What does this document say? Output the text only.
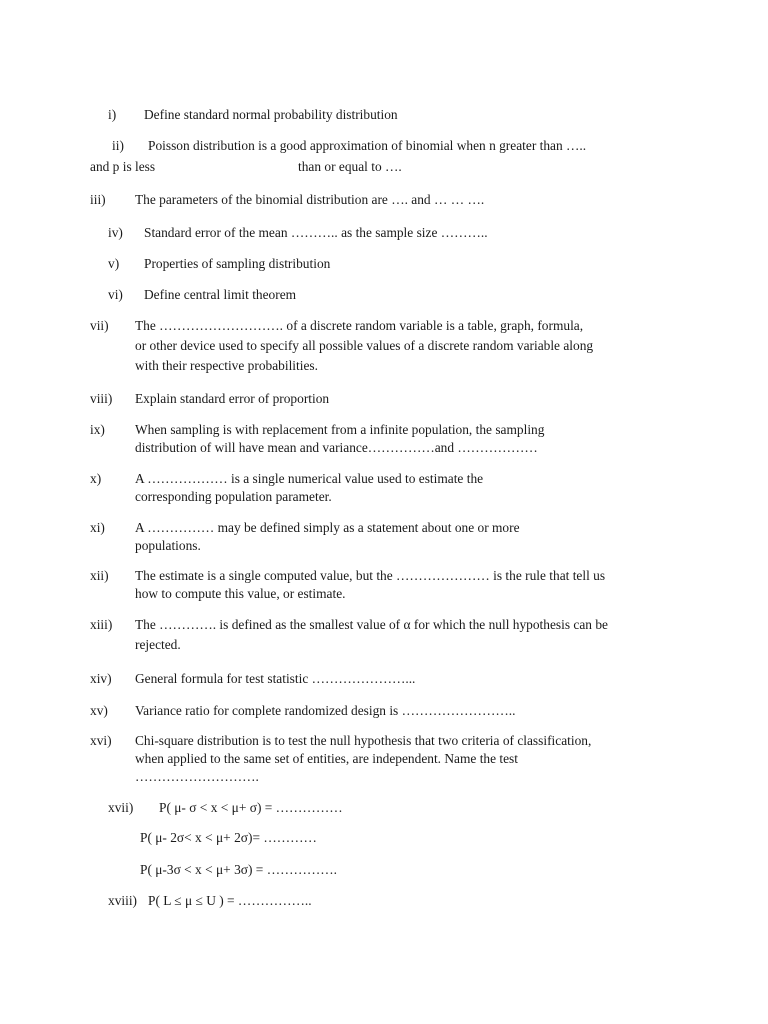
i) Define standard normal probability distribution
ii) Poisson distribution is a good approximation of binomial when n greater than …..
and p is less	than or equal to ….
iii) The parameters of the binomial distribution are …. and … … ….
iv) Standard error of the mean ……….. as the sample size ………..
v) Properties of sampling distribution
vi) Define central limit theorem
vii) The ………………………. of a discrete random variable is a table, graph, formula,
or other device used to specify all possible values of a discrete random variable along
with their respective probabilities.
viii) Explain standard error of proportion
ix) When sampling is with replacement from a infinite population, the sampling
distribution of will have mean and variance……………and ………………
x)	A ……………… is a single numerical value used to estimate the
corresponding population parameter.
xi) A …………… may be defined simply as a statement about one or more
populations.
xii) The estimate is a single computed value, but the ………………… is the rule that tell us
how to compute this value, or estimate.
xiii) The …………. is defined as the smallest value of α for which the null hypothesis can be
rejected.
xiv) General formula for test statistic …………………...
xv) Variance ratio for complete randomized design is ……………………..
xvi) Chi-square distribution is to test the null hypothesis that two criteria of classification,
when applied to the same set of entities, are independent. Name the test
……………………….
xvii) P( μ- σ < x < μ+ σ) = ……………
P( μ- 2σ< x < μ+ 2σ)= …………
P( μ-3σ < x < μ+ 3σ) = …………….
xviii) P( L ≤ μ ≤ U ) = ……………..
